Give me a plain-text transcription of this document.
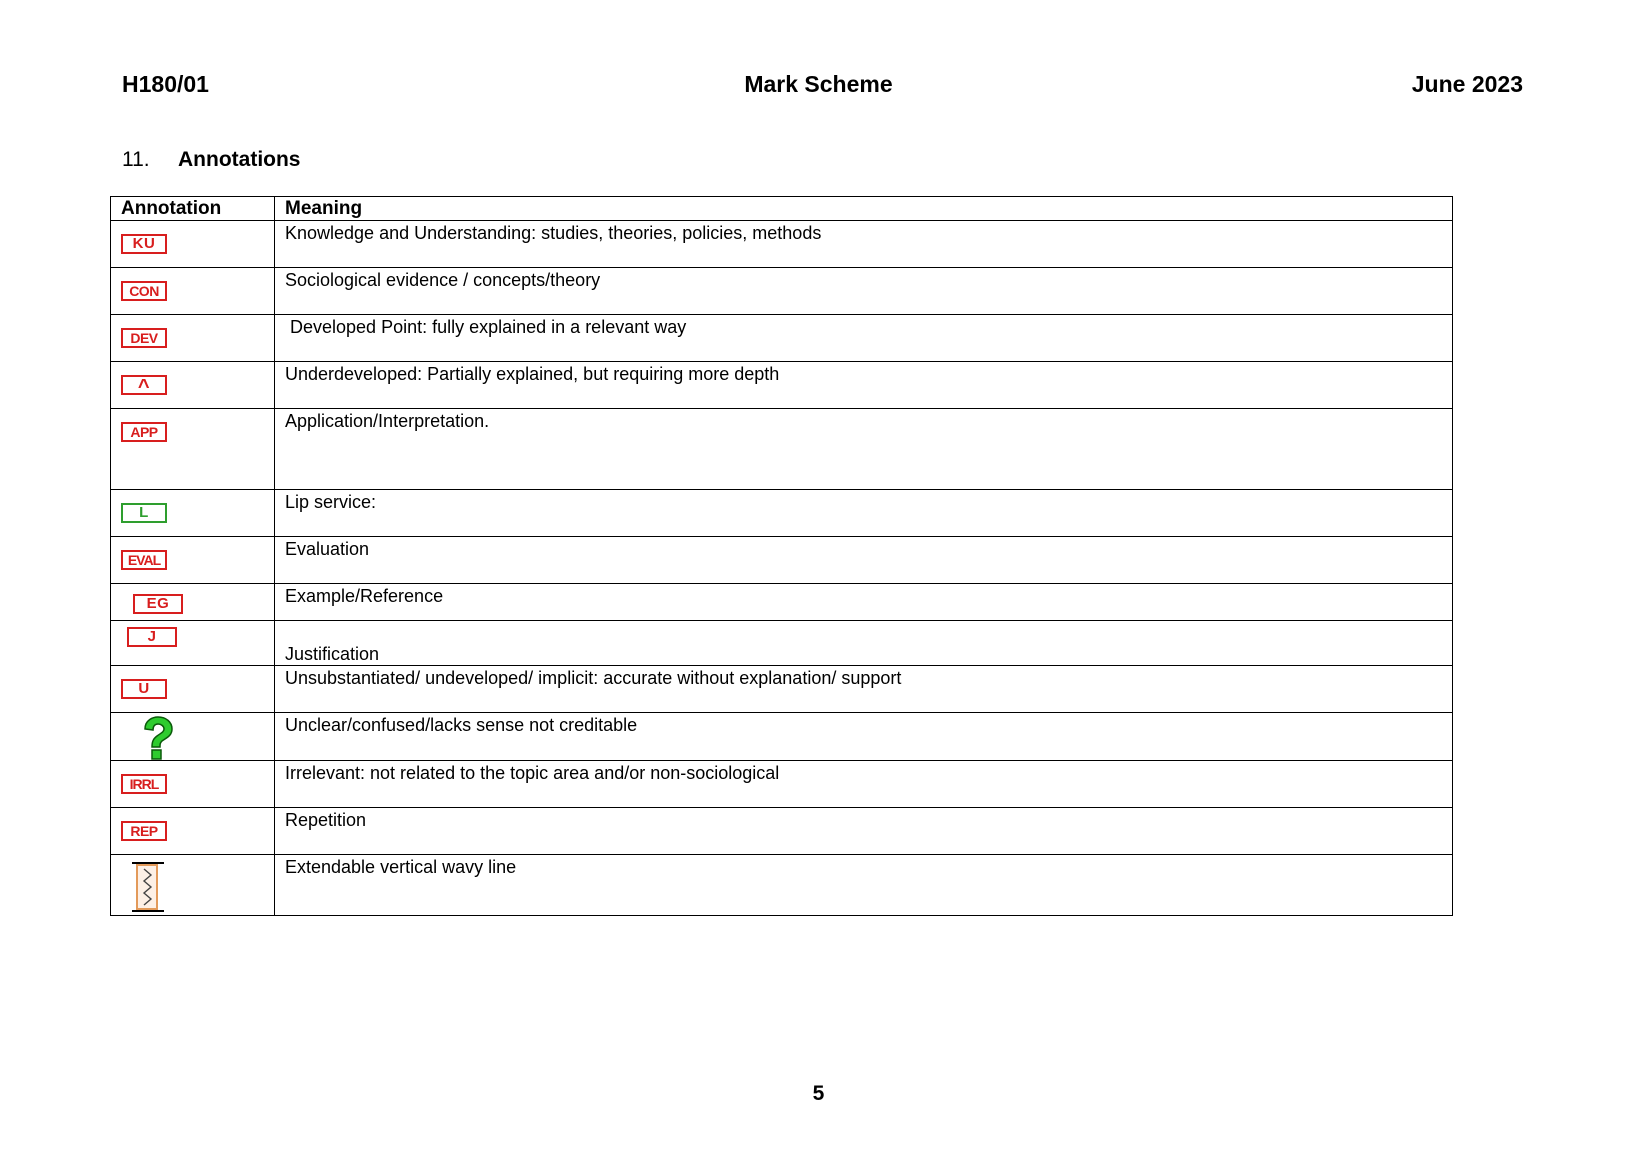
Mark Scheme
H180/01	June 2023
11. Annotations
Annotation	Meaning
KU	Knowledge and Understanding: studies, theories, policies, methods
CON	Sociological evidence / concepts/theory
DEV	Developed Point: fully explained in a relevant way
^	Underdeveloped: Partially explained, but requiring more depth
APP	Application/Interpretation.
L	Lip service:
EVAL	Evaluation
EG	Example/Reference
J	Justification
U	Unsubstantiated/ undeveloped/ implicit: accurate without explanation/ support

	Unclear/confused/lacks sense not creditable
IRRL	Irrelevant: not related to the topic area and/or non-sociological
REP	Repetition

	Extendable vertical wavy line
5
